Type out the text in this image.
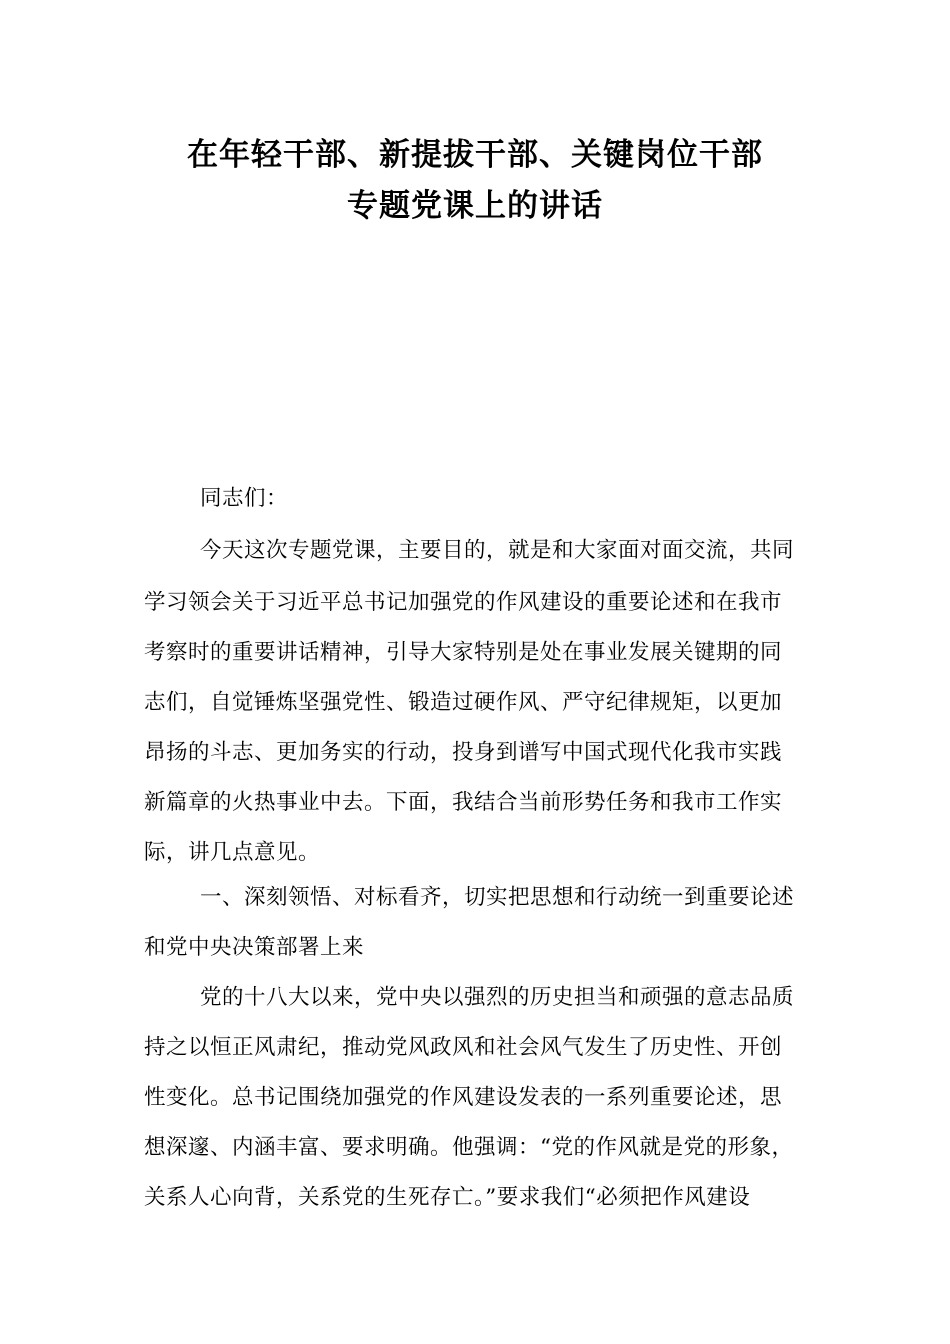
在年轻干部、新提拔干部、关键岗位干部
专题党课上的讲话

同志们：

今天这次专题党课，主要目的，就是和大家面对面交流，共同

学习领会关于习近平总书记加强党的作风建设的重要论述和在我市

考察时的重要讲话精神，引导大家特别是处在事业发展关键期的同

志们，自觉锤炼坚强党性、锻造过硬作风、严守纪律规矩，以更加

昂扬的斗志、更加务实的行动，投身到谱写中国式现代化我市实践

新篇章的火热事业中去。下面，我结合当前形势任务和我市工作实

际，讲几点意见。

一、深刻领悟、对标看齐，切实把思想和行动统一到重要论述

和党中央决策部署上来

党的十八大以来，党中央以强烈的历史担当和顽强的意志品质

持之以恒正风肃纪，推动党风政风和社会风气发生了历史性、开创

性变化。总书记围绕加强党的作风建设发表的一系列重要论述，思

想深邃、内涵丰富、要求明确。他强调：“党的作风就是党的形象，

关系人心向背，关系党的生死存亡。”要求我们“必须把作风建设
